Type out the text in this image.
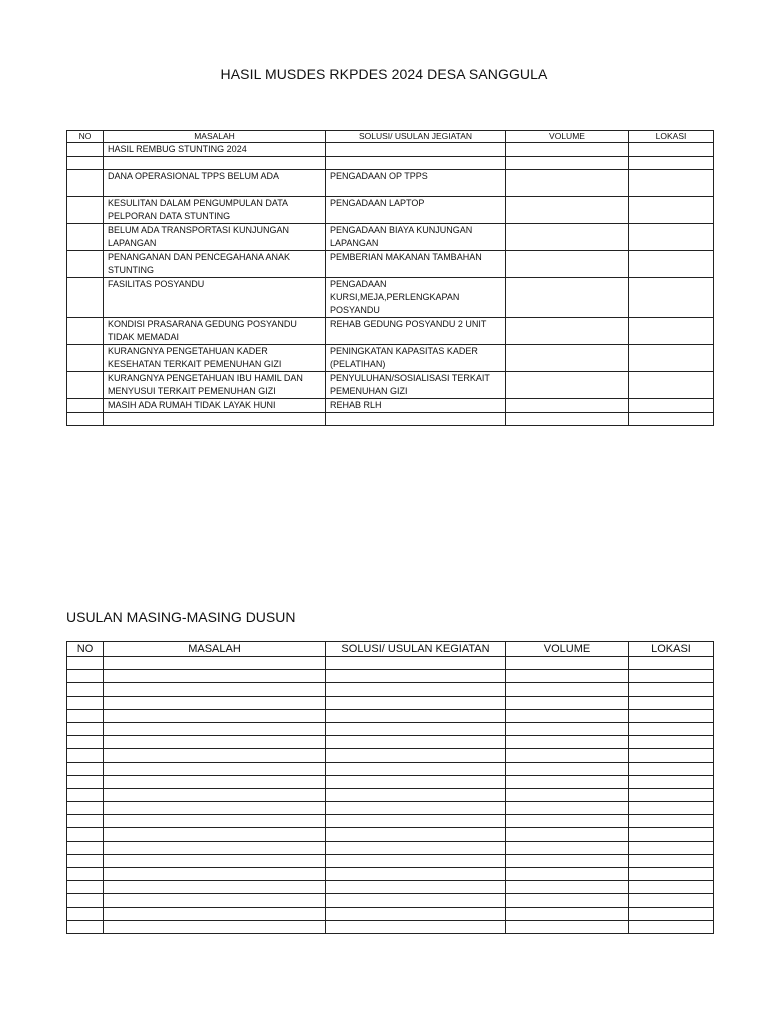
HASIL MUSDES RKPDES 2024 DESA SANGGULA
NO	MASALAH	SOLUSI/ USULAN JEGIATAN	VOLUME	LOKASI
	HASIL REMBUG STUNTING 2024			

	DANA OPERASIONAL TPPS BELUM ADA	PENGADAAN OP TPPS		
	KESULITAN DALAM PENGUMPULAN DATA PELPORAN DATA STUNTING	PENGADAAN LAPTOP		
	BELUM ADA TRANSPORTASI KUNJUNGAN LAPANGAN	PENGADAAN BIAYA KUNJUNGAN LAPANGAN		
	PENANGANAN DAN PENCEGAHANA ANAK STUNTING	PEMBERIAN MAKANAN TAMBAHAN		
	FASILITAS POSYANDU	PENGADAAN KURSI,MEJA,PERLENGKAPAN POSYANDU		
	KONDISI PRASARANA GEDUNG POSYANDU TIDAK MEMADAI	REHAB GEDUNG POSYANDU 2 UNIT		
	KURANGNYA PENGETAHUAN KADER KESEHATAN TERKAIT PEMENUHAN GIZI	PENINGKATAN KAPASITAS KADER (PELATIHAN)		
	KURANGNYA PENGETAHUAN IBU HAMIL DAN MENYUSUI TERKAIT PEMENUHAN GIZI	PENYULUHAN/SOSIALISASI TERKAIT PEMENUHAN GIZI		
	MASIH ADA RUMAH TIDAK LAYAK HUNI	REHAB RLH		

USULAN MASING-MASING DUSUN
NO	MASALAH	SOLUSI/ USULAN KEGIATAN	VOLUME	LOKASI
